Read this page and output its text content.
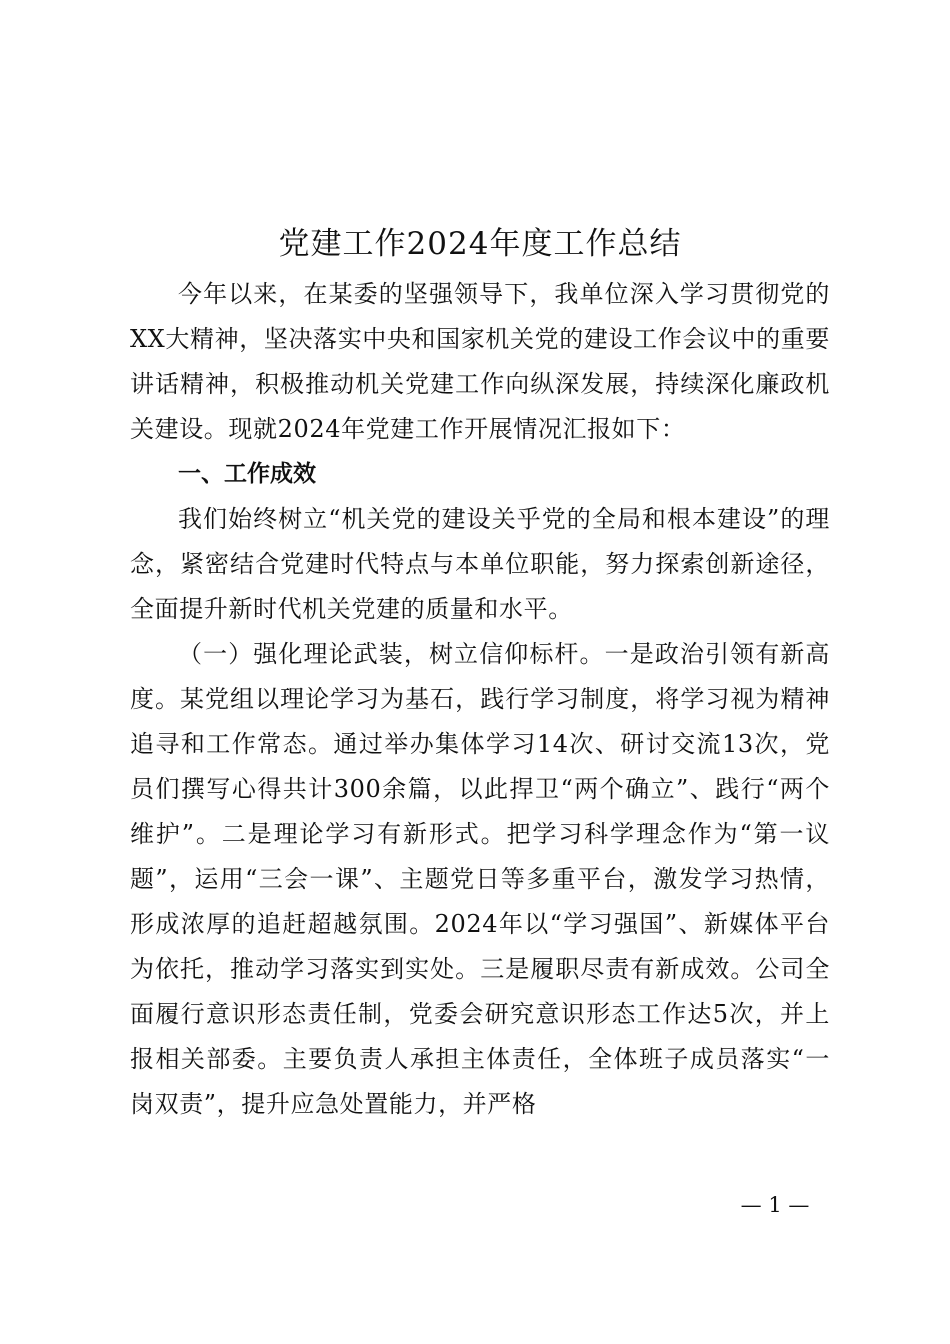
党建工作2024年度工作总结

今年以来，在某委的坚强领导下，我单位深入学习贯彻党的XX大精神，坚决落实中央和国家机关党的建设工作会议中的重要讲话精神，积极推动机关党建工作向纵深发展，持续深化廉政机关建设。现就2024年党建工作开展情况汇报如下：

一、工作成效

我们始终树立“机关党的建设关乎党的全局和根本建设”的理念，紧密结合党建时代特点与本单位职能，努力探索创新途径，全面提升新时代机关党建的质量和水平。

（一）强化理论武装，树立信仰标杆。一是政治引领有新高度。某党组以理论学习为基石，践行学习制度，将学习视为精神追寻和工作常态。通过举办集体学习14次、研讨交流13次，党员们撰写心得共计300余篇，以此捍卫“两个确立”、践行“两个维护”。二是理论学习有新形式。把学习科学理念作为“第一议题”，运用“三会一课”、主题党日等多重平台，激发学习热情，形成浓厚的追赶超越氛围。2024年以“学习强国”、新媒体平台为依托，推动学习落实到实处。三是履职尽责有新成效。公司全面履行意识形态责任制，党委会研究意识形态工作达5次，并上报相关部委。主要负责人承担主体责任，全体班子成员落实“一岗双责”，提升应急处置能力，并严格

— 1 —
